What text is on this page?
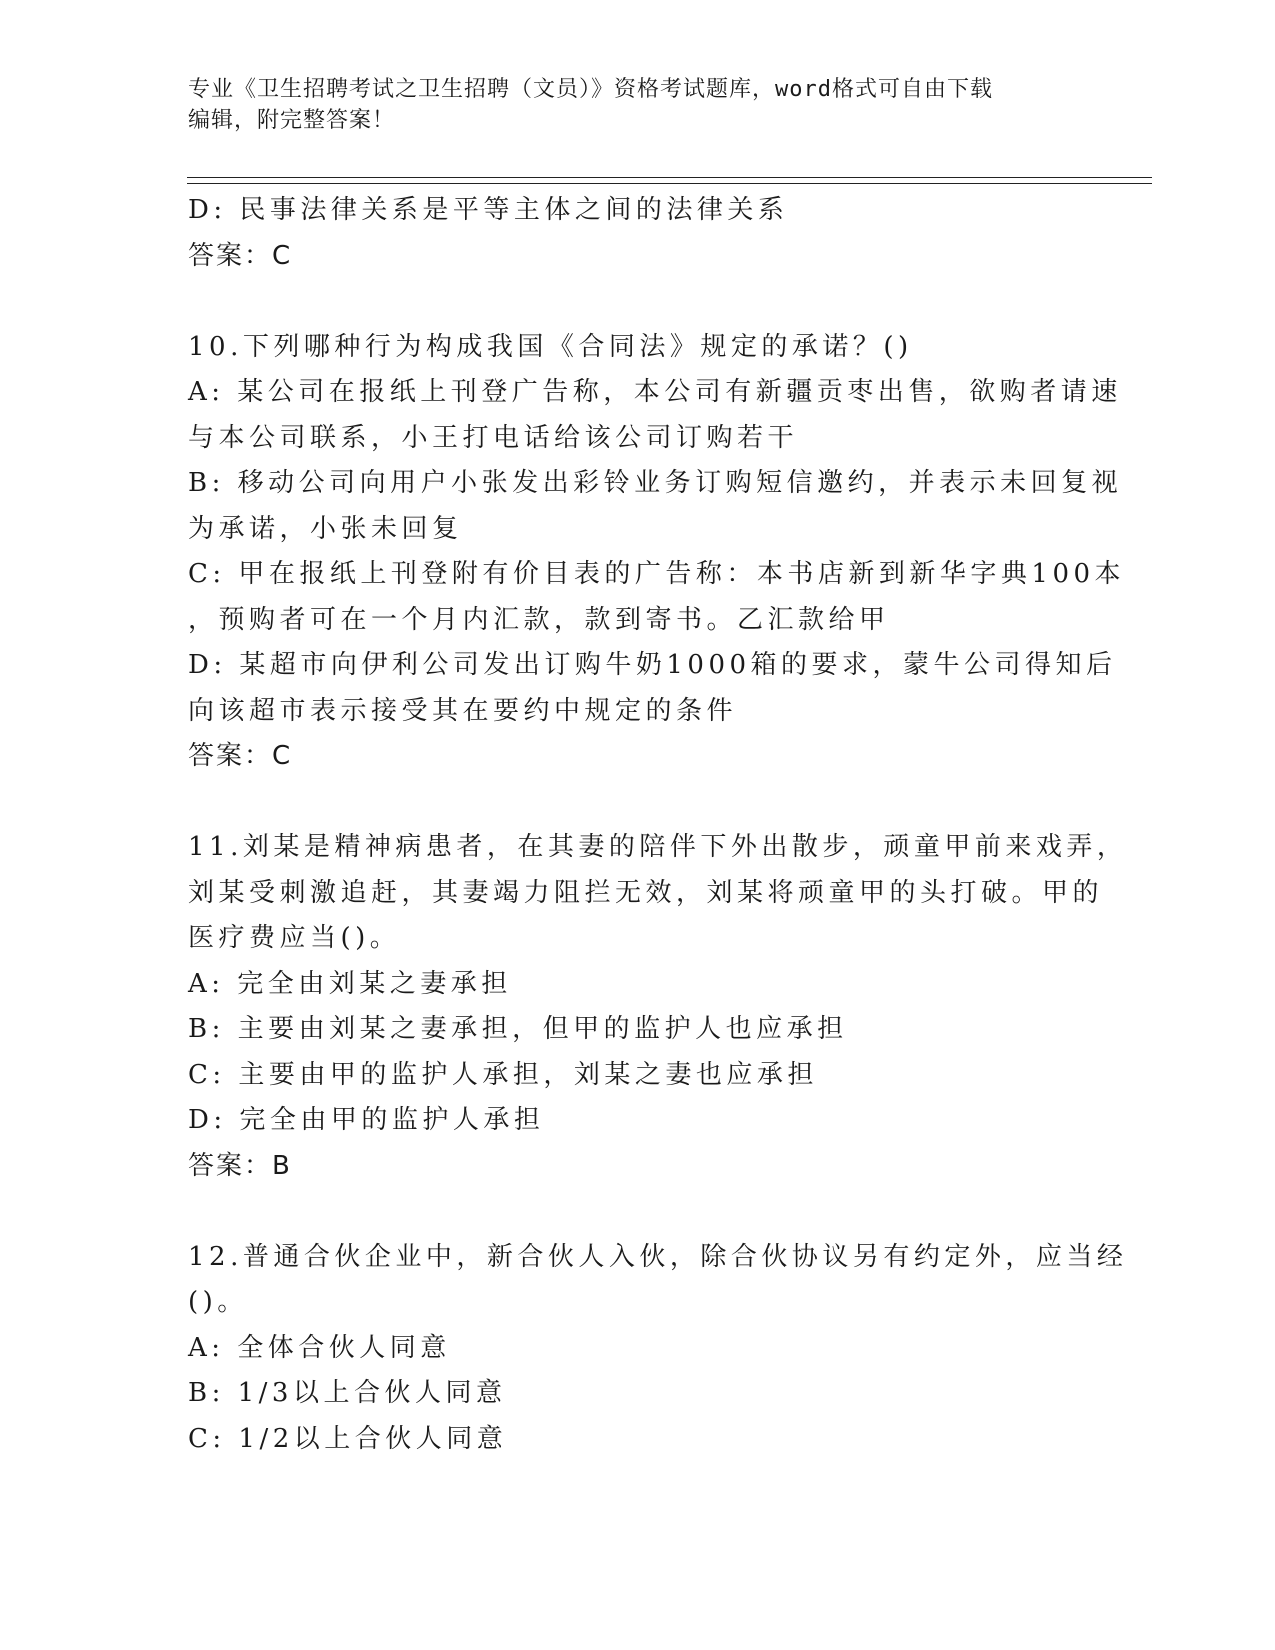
专业《卫生招聘考试之卫生招聘（文员）》资格考试题库，word格式可自由下载
编辑，附完整答案！
D: 民事法律关系是平等主体之间的法律关系
答案：C
10.下列哪种行为构成我国《合同法》规定的承诺？()
A: 某公司在报纸上刊登广告称，本公司有新疆贡枣出售，欲购者请速
与本公司联系，小王打电话给该公司订购若干
B: 移动公司向用户小张发出彩铃业务订购短信邀约，并表示未回复视
为承诺，小张未回复
C: 甲在报纸上刊登附有价目表的广告称：本书店新到新华字典100本
，预购者可在一个月内汇款，款到寄书。乙汇款给甲
D: 某超市向伊利公司发出订购牛奶1000箱的要求，蒙牛公司得知后
向该超市表示接受其在要约中规定的条件
答案：C
11.刘某是精神病患者，在其妻的陪伴下外出散步，顽童甲前来戏弄，
刘某受刺激追赶，其妻竭力阻拦无效，刘某将顽童甲的头打破。甲的
医疗费应当()。
A: 完全由刘某之妻承担
B: 主要由刘某之妻承担，但甲的监护人也应承担
C: 主要由甲的监护人承担，刘某之妻也应承担
D: 完全由甲的监护人承担
答案：B
12.普通合伙企业中，新合伙人入伙，除合伙协议另有约定外，应当经
()。
A: 全体合伙人同意
B: 1/3以上合伙人同意
C: 1/2以上合伙人同意
